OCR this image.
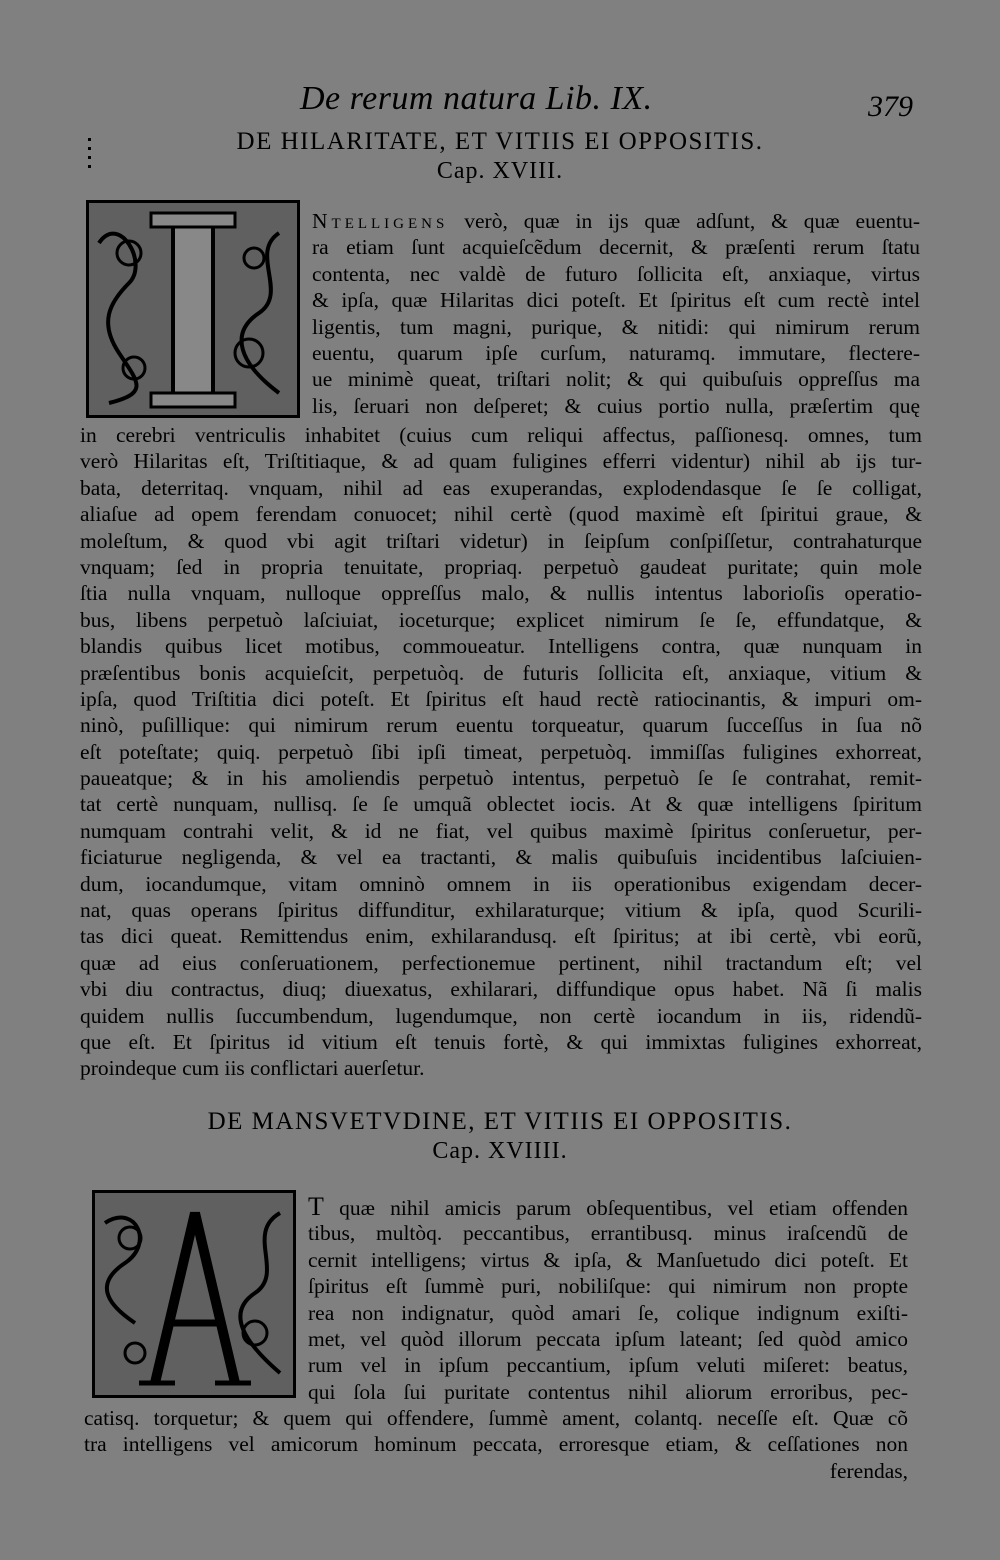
De rerum natura Lib. IX.	379
DE HILARITATE, ET VITIIS EI OPPOSITIS.
Cap. XVIII.
Ntelligens verò, quæ in ijs quæ adſunt, & quæ euentu-
ra etiam ſunt acquieſcẽdum decernit, & præſenti rerum ſtatu
contenta, nec valdè de futuro ſollicita eſt, anxiaque, virtus
& ipſa, quæ Hilaritas dici poteſt. Et ſpiritus eſt cum rectè intel
ligentis, tum magni, purique, & nitidi: qui nimirum rerum
euentu, quarum ipſe curſum, naturamq. immutare, flectere-
ue minimè queat, triſtari nolit; & qui quibuſuis oppreſſus ma
lis, ſeruari non deſperet; & cuius portio nulla, præſertim quę
in cerebri ventriculis inhabitet (cuius cum reliqui affectus, paſſionesq. omnes, tum
verò Hilaritas eſt, Triſtitiaque, & ad quam fuligines efferri videntur) nihil ab ijs tur-
bata, deterritaq. vnquam, nihil ad eas exuperandas, explodendasque ſe ſe colligat,
aliaſue ad opem ferendam conuocet; nihil certè (quod maximè eſt ſpiritui graue, &
moleſtum, & quod vbi agit triſtari videtur) in ſeipſum conſpiſſetur, contrahaturque
vnquam; ſed in propria tenuitate, propriaq. perpetuò gaudeat puritate; quin mole
ſtia nulla vnquam, nulloque oppreſſus malo, & nullis intentus laborioſis operatio-
bus, libens perpetuò laſciuiat, ioceturque; explicet nimirum ſe ſe, effundatque, &
blandis quibus licet motibus, commoueatur. Intelligens contra, quæ nunquam in
præſentibus bonis acquieſcit, perpetuòq. de futuris ſollicita eſt, anxiaque, vitium &
ipſa, quod Triſtitia dici poteſt. Et ſpiritus eſt haud rectè ratiocinantis, & impuri om-
ninò, puſillique: qui nimirum rerum euentu torqueatur, quarum ſucceſſus in ſua nõ
eſt poteſtate; quiq. perpetuò ſibi ipſi timeat, perpetuòq. immiſſas fuligines exhorreat,
paueatque; & in his amoliendis perpetuò intentus, perpetuò ſe ſe contrahat, remit-
tat certè nunquam, nullisq. ſe ſe umquã oblectet iocis. At & quæ intelligens ſpiritum
numquam contrahi velit, & id ne fiat, vel quibus maximè ſpiritus conſeruetur, per-
ficiaturue negligenda, & vel ea tractanti, & malis quibuſuis incidentibus laſciuien-
dum, iocandumque, vitam omninò omnem in iis operationibus exigendam decer-
nat, quas operans ſpiritus diffunditur, exhilaraturque; vitium & ipſa, quod Scurili-
tas dici queat. Remittendus enim, exhilarandusq. eſt ſpiritus; at ibi certè, vbi eorũ,
quæ ad eius conſeruationem, perfectionemue pertinent, nihil tractandum eſt; vel
vbi diu contractus, diuq; diuexatus, exhilarari, diffundique opus habet. Nã ſi malis
quidem nullis ſuccumbendum, lugendumque, non certè iocandum in iis, ridendũ-
que eſt. Et ſpiritus id vitium eſt tenuis fortè, & qui immixtas fuligines exhorreat,
proindeque cum iis conflictari auerſetur.
DE MANSVETVDINE, ET VITIIS EI OPPOSITIS.
Cap. XVIIII.
T quæ nihil amicis parum obſequentibus, vel etiam offenden
tibus, multòq. peccantibus, errantibusq. minus iraſcendũ de
cernit intelligens; virtus & ipſa, & Manſuetudo dici poteſt. Et
ſpiritus eſt ſummè puri, nobiliſque: qui nimirum non propte
rea non indignatur, quòd amari ſe, colique indignum exiſti-
met, vel quòd illorum peccata ipſum lateant; ſed quòd amico
rum vel in ipſum peccantium, ipſum veluti miſeret: beatus,
qui ſola ſui puritate contentus nihil aliorum erroribus, pec-
catisq. torquetur; & quem qui offendere, ſummè ament, colantq. neceſſe eſt. Quæ cõ
tra intelligens vel amicorum hominum peccata, erroresque etiam, & ceſſationes non
ferendas,
